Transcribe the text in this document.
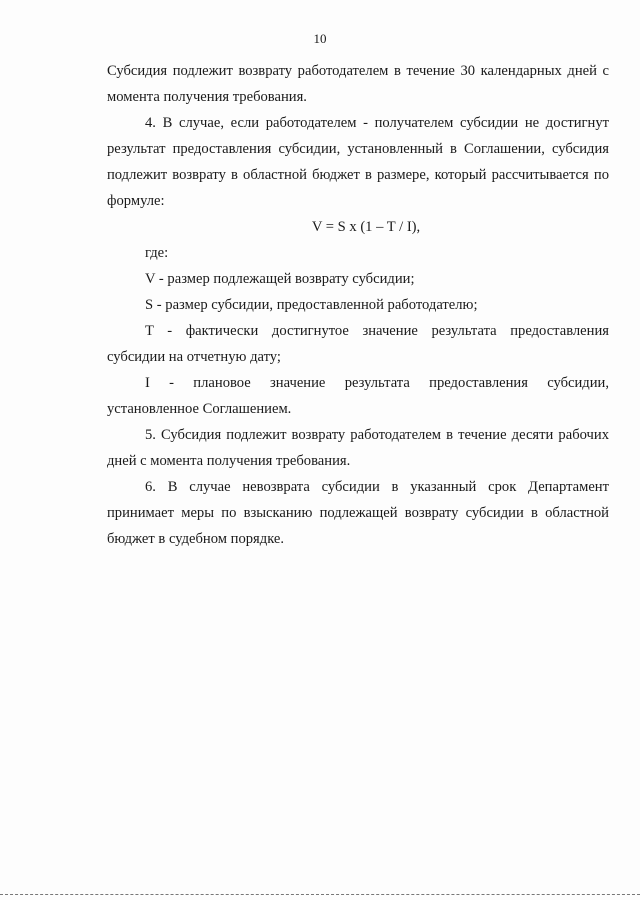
10

Субсидия подлежит возврату работодателем в течение 30 календарных дней с момента получения требования.

4. В случае, если работодателем - получателем субсидии не достигнут результат предоставления субсидии, установленный в Соглашении, субсидия подлежит возврату в областной бюджет в размере, который рассчитывается по формуле:

V = S x (1 – T / I),

где:

V - размер подлежащей возврату субсидии;

S - размер субсидии, предоставленной работодателю;

T - фактически достигнутое значение результата предоставления субсидии на отчетную дату;

I - плановое значение результата предоставления субсидии, установленное Соглашением.

5. Субсидия подлежит возврату работодателем в течение десяти рабочих дней с момента получения требования.

6. В случае невозврата субсидии в указанный срок Департамент принимает меры по взысканию подлежащей возврату субсидии в областной бюджет в судебном порядке.
